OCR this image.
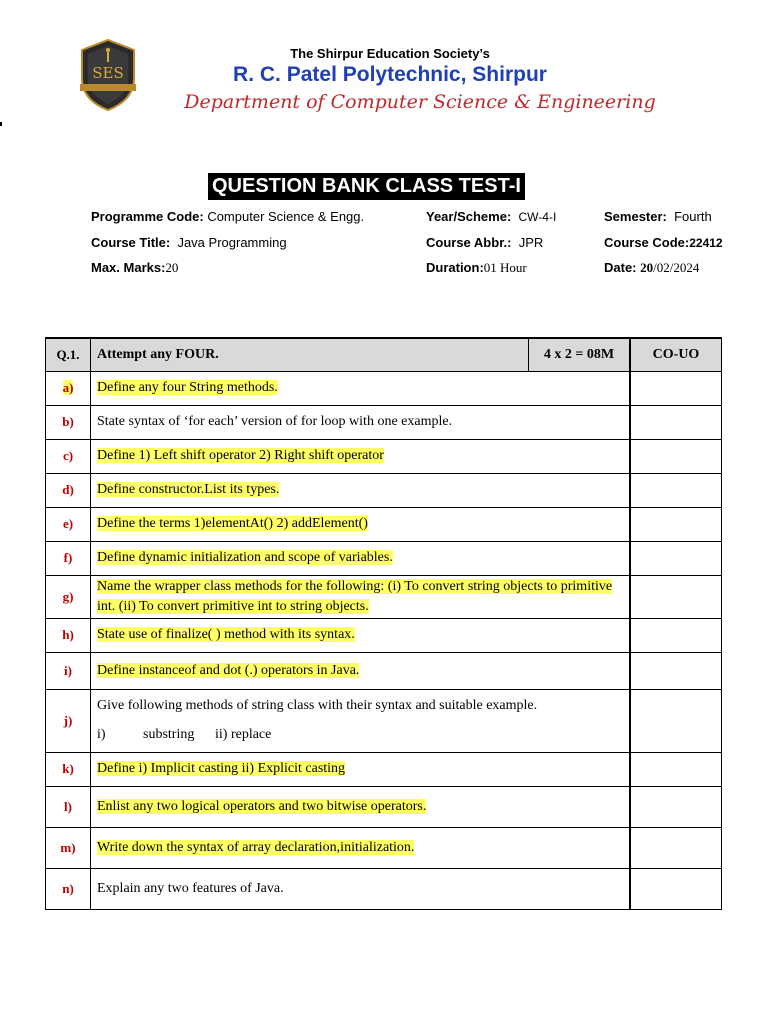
SES
The Shirpur Education Society’s
R. C. Patel Polytechnic, Shirpur
Department of Computer Science & Engineering
QUESTION BANK CLASS TEST-I
Programme Code: Computer Science & Engg.	Year/Scheme: CW-4-I	Semester: Fourth
Course Title: Java Programming	Course Abbr.: JPR	Course Code:22412
Max. Marks:20	Duration:01 Hour	Date: 20/02/2024
Q.1.	Attempt any FOUR.	4 x 2 = 08M	CO-UO
a)	Define any four String methods.		
b)	State syntax of ‘for each’ version of for loop with one example.		
c)	Define 1) Left shift operator 2) Right shift operator		
d)	Define constructor.List its types.		
e)	Define the terms 1)elementAt() 2) addElement()		
f)	Define dynamic initialization and scope of variables.		
g)	Name the wrapper class methods for the following: (i) To convert string objects to primitive int. (ii) To convert primitive int to string objects.		
h)	State use of finalize( ) method with its syntax.		
i)	Define instanceof and dot (.) operators in Java.		
j)	Give following methods of string class with their syntax and suitable example.
i) substring ii) replace		

k)	Define i) Implicit casting ii) Explicit casting		
l)	Enlist any two logical operators and two bitwise operators.		
m)	Write down the syntax of array declaration,initialization.		
n)	Explain any two features of Java.		
